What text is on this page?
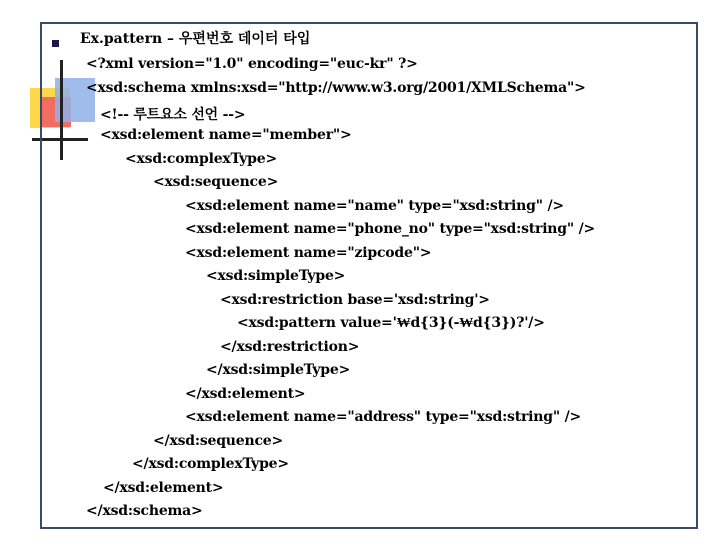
Ex.pattern – 우편번호 데이터 타입
<?xml version="1.0" encoding="euc-kr" ?>
<xsd:schema xmlns:xsd="http://www.w3.org/2001/XMLSchema">
<!-- 루트요소 선언 -->
<xsd:element name="member">
<xsd:complexType>
<xsd:sequence>
<xsd:element name="name" type="xsd:string" />
<xsd:element name="phone_no" type="xsd:string" />
<xsd:element name="zipcode">
<xsd:simpleType>
<xsd:restriction base='xsd:string'>
<xsd:pattern value='₩d{3}(-₩d{3})?'/>
</xsd:restriction>
</xsd:simpleType>
</xsd:element>
<xsd:element name="address" type="xsd:string" />
</xsd:sequence>
</xsd:complexType>
</xsd:element>
</xsd:schema>
